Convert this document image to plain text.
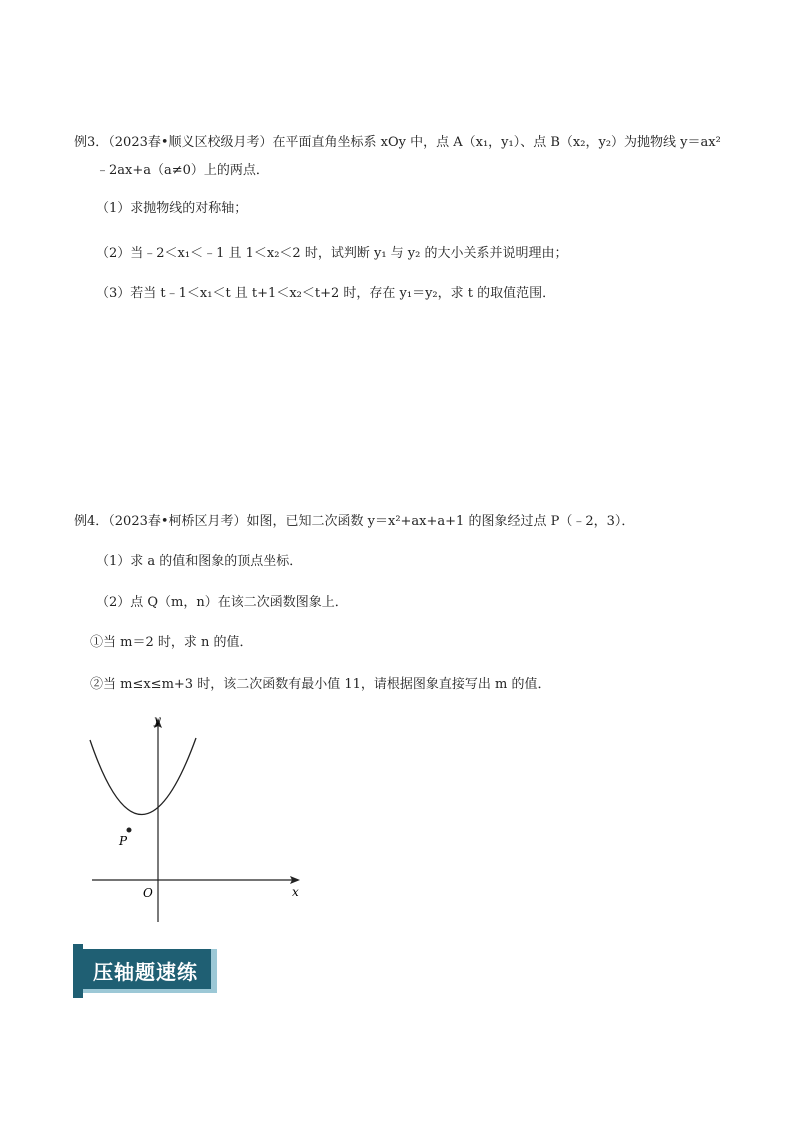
例3．（2023春•顺义区校级月考）在平面直角坐标系 xOy 中，点 A（x₁，y₁）、点 B（x₂，y₂）为抛物线 y＝ax²
﹣2ax+a（a≠0）上的两点．
（1）求抛物线的对称轴；
（2）当﹣2＜x₁＜﹣1 且 1＜x₂＜2 时，试判断 y₁ 与 y₂ 的大小关系并说明理由；
（3）若当 t﹣1＜x₁＜t 且 t+1＜x₂＜t+2 时，存在 y₁＝y₂，求 t 的取值范围．
例4．（2023春•柯桥区月考）如图，已知二次函数 y＝x²+ax+a+1 的图象经过点 P（﹣2，3）．
（1）求 a 的值和图象的顶点坐标．
（2）点 Q（m，n）在该二次函数图象上．
①当 m＝2 时，求 n 的值．
②当 m≤x≤m+3 时，该二次函数有最小值 11，请根据图象直接写出 m 的值．
y
x
O
P
压轴题速练
